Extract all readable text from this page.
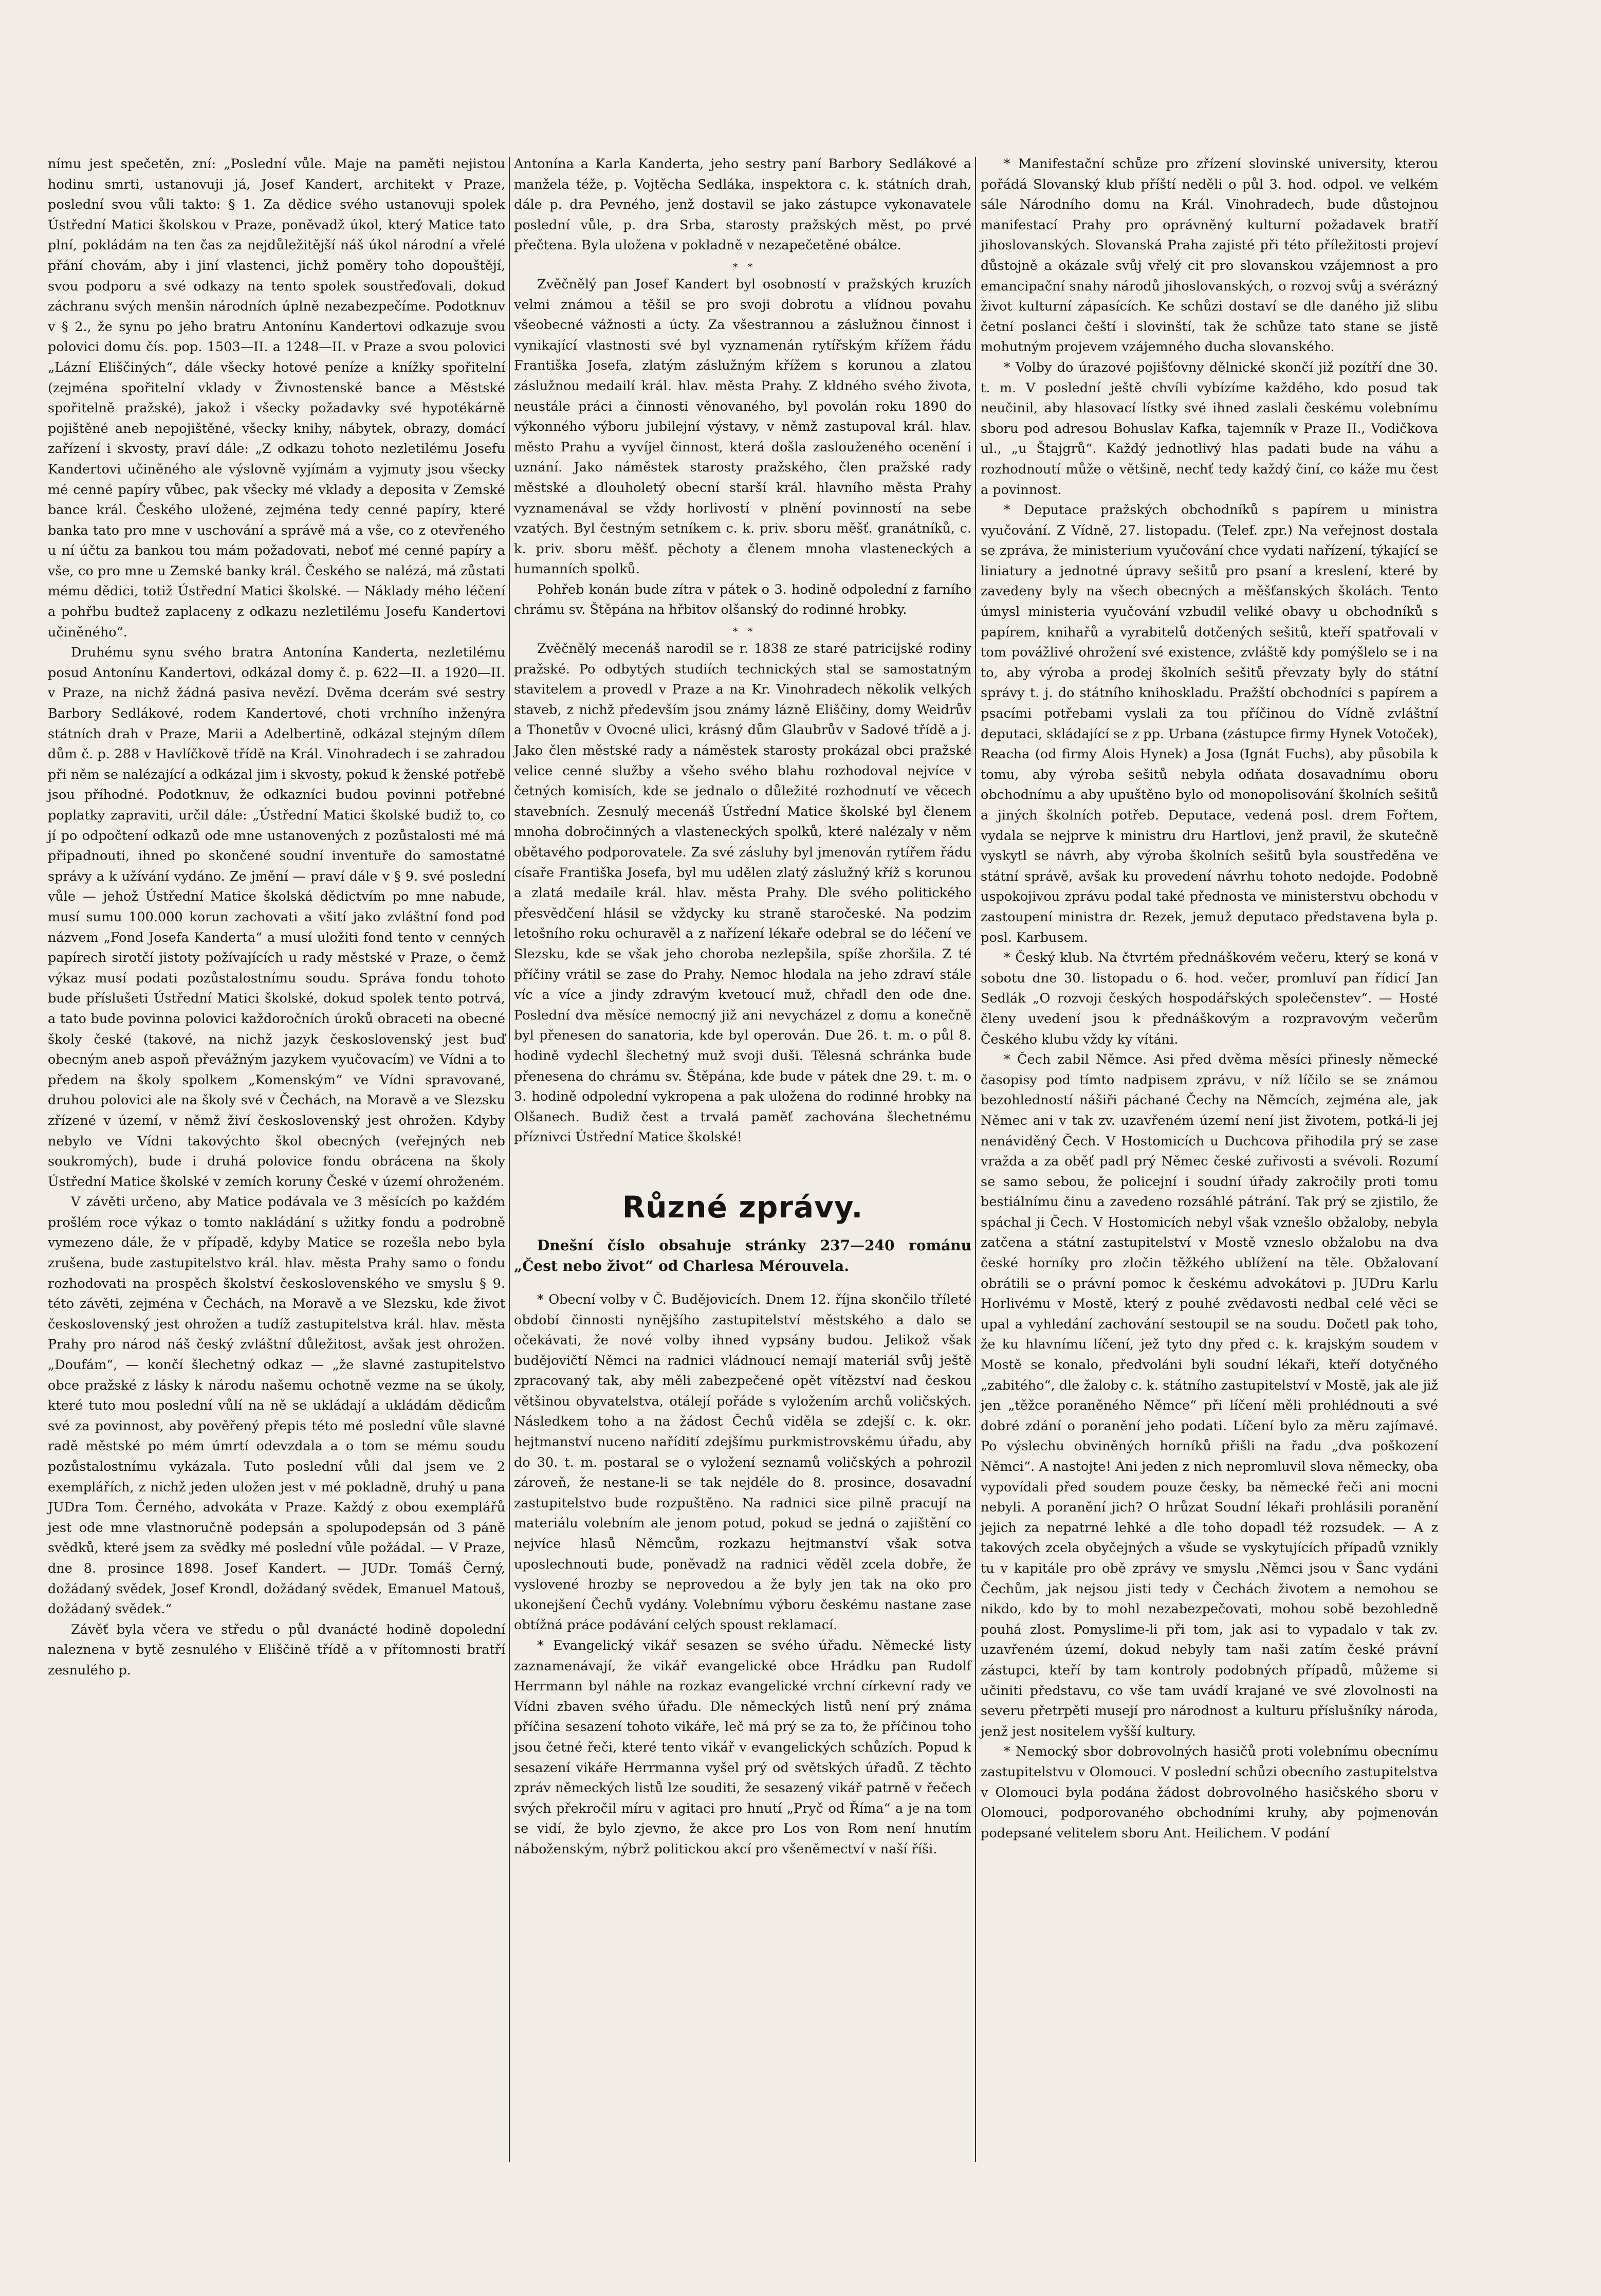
nímu jest spečetěn, zní: „Poslední vůle. Maje na paměti nejistou hodinu smrti, ustanovuji já, Josef Kandert, architekt v Praze, poslední svou vůli takto: § 1. Za dědice svého ustanovuji spolek Ústřední Matici školskou v Praze, poněvadž úkol, který Matice tato plní, pokládám na ten čas za nejdůležitější náš úkol národní a vřelé přání chovám, aby i jiní vlastenci, jichž poměry toho dopouštějí, svou podporu a své odkazy na tento spolek soustřeďovali, dokud záchranu svých menšin národních úplně nezabezpečíme. Podotknuv v § 2., že synu po jeho bratru Antonínu Kandertovi odkazuje svou polovici domu čís. pop. 1503—II. a 1248—II. v Praze a svou polovici „Lázní Eliščiných“, dále všecky hotové peníze a knížky spořitelní (zejména spořitelní vklady v Živnostenské bance a Městské spořitelně pražské), jakož i všecky požadavky své hypotékárně pojištěné aneb nepojištěné, všecky knihy, nábytek, obrazy, domácí zařízení i skvosty, praví dále: „Z odkazu tohoto nezletilému Josefu Kandertovi učiněného ale výslovně vyjímám a vyjmuty jsou všecky mé cenné papíry vůbec, pak všecky mé vklady a deposita v Zemské bance král. Českého uložené, zejména tedy cenné papíry, které banka tato pro mne v uschování a správě má a vše, co z otevřeného u ní účtu za bankou tou mám požadovati, neboť mé cenné papíry a vše, co pro mne u Zemské banky král. Českého se nalézá, má zůstati mému dědici, totiž Ústřední Matici školské. — Náklady mého léčení a pohřbu budtež zaplaceny z odkazu nezletilému Josefu Kandertovi učiněného“.

Druhému synu svého bratra Antonína Kanderta, nezletilému posud Antonínu Kandertovi, odkázal domy č. p. 622—II. a 1920—II. v Praze, na nichž žádná pasiva nevězí. Dvěma dcerám své sestry Barbory Sedlákové, rodem Kandertové, choti vrchního inženýra státních drah v Praze, Marii a Adelbertině, odkázal stejným dílem dům č. p. 288 v Havlíčkově třídě na Král. Vinohradech i se zahradou při něm se nalézající a odkázal jim i skvosty, pokud k ženské potřebě jsou příhodné. Podotknuv, že odkazníci budou povinni potřebné poplatky zapraviti, určil dále: „Ústřední Matici školské budiž to, co jí po odpočtení odkazů ode mne ustanovených z pozůstalosti mé má připadnouti, ihned po skončené soudní inventuře do samostatné správy a k užívání vydáno. Ze jmění — praví dále v § 9. své poslední vůle — jehož Ústřední Matice školská dědictvím po mne nabude, musí sumu 100.000 korun zachovati a všití jako zvláštní fond pod názvem „Fond Josefa Kanderta“ a musí uložiti fond tento v cenných papírech sirotčí jistoty požívajících u rady městské v Praze, o čemž výkaz musí podati pozůstalostnímu soudu. Správa fondu tohoto bude příslušeti Ústřední Matici školské, dokud spolek tento potrvá, a tato bude povinna polovici každoročních úroků obraceti na obecné školy české (takové, na nichž jazyk československý jest buď obecným aneb aspoň převážným jazykem vyučovacím) ve Vídni a to předem na školy spolkem „Komenským“ ve Vídni spravované, druhou polovici ale na školy své v Čechách, na Moravě a ve Slezsku zřízené v území, v němž živí československý jest ohrožen. Kdyby nebylo ve Vídni takovýchto škol obecných (veřejných neb soukromých), bude i druhá polovice fondu obrácena na školy Ústřední Matice školské v zemích koruny České v území ohroženém.

V závěti určeno, aby Matice podávala ve 3 měsících po každém prošlém roce výkaz o tomto nakládání s užitky fondu a podrobně vymezeno dále, že v případě, kdyby Matice se rozešla nebo byla zrušena, bude zastupitelstvo král. hlav. města Prahy samo o fondu rozhodovati na prospěch školství československého ve smyslu § 9. této závěti, zejména v Čechách, na Moravě a ve Slezsku, kde život československý jest ohrožen a tudíž zastupitelstva král. hlav. města Prahy pro národ náš český zvláštní důležitost, avšak jest ohrožen. „Doufám“, — končí šlechetný odkaz — „že slavné zastupitelstvo obce pražské z lásky k národu našemu ochotně vezme na se úkoly, které tuto mou poslední vůlí na ně se ukládají a ukládám dědicům své za povinnost, aby pověřený přepis této mé poslední vůle slavné radě městské po mém úmrtí odevzdala a o tom se mému soudu pozůstalostnímu vykázala. Tuto poslední vůli dal jsem ve 2 exemplářích, z nichž jeden uložen jest v mé pokladně, druhý u pana JUDra Tom. Černého, advokáta v Praze. Každý z obou exemplářů jest ode mne vlastnoručně podepsán a spolupodepsán od 3 páně svědků, které jsem za svědky mé poslední vůle požádal. — V Praze, dne 8. prosince 1898. Josef Kandert. — JUDr. Tomáš Černý, dožádaný svědek, Josef Krondl, dožádaný svědek, Emanuel Matouš, dožádaný svědek.“

Závěť byla včera ve středu o půl dvanácté hodině dopolední naleznena v bytě zesnulého v Eliščině třídě a v přítomnosti bratří zesnulého p.

Antonína a Karla Kanderta, jeho sestry paní Barbory Sedlákové a manžela téže, p. Vojtěcha Sedláka, inspektora c. k. státních drah, dále p. dra Pevného, jenž dostavil se jako zástupce vykonavatele poslední vůle, p. dra Srba, starosty pražských měst, po prvé přečtena. Byla uložena v pokladně v nezapečetěné obálce.

*   *

Zvěčnělý pan Josef Kandert byl osobností v pražských kruzích velmi známou a těšil se pro svoji dobrotu a vlídnou povahu všeobecné vážnosti a úcty. Za všestrannou a záslužnou činnost i vynikající vlastnosti své byl vyznamenán rytířským křížem řádu Františka Josefa, zlatým záslužným křížem s korunou a zlatou záslužnou medailí král. hlav. města Prahy. Z kldného svého života, neustále práci a činnosti věnovaného, byl povolán roku 1890 do výkonného výboru jubilejní výstavy, v němž zastupoval král. hlav. město Prahu a vyvíjel činnost, která došla zaslouženého ocenění i uznání. Jako náměstek starosty pražského, člen pražské rady městské a dlouholetý obecní starší král. hlavního města Prahy vyznamenával se vždy horlivostí v plnění povinností na sebe vzatých. Byl čestným setníkem c. k. priv. sboru měšť. granátníků, c. k. priv. sboru měšť. pěchoty a členem mnoha vlasteneckých a humanních spolků.

Pohřeb konán bude zítra v pátek o 3. hodině odpolední z farního chrámu sv. Štěpána na hřbitov olšanský do rodinné hrobky.

*   *

Zvěčnělý mecenáš narodil se r. 1838 ze staré patricijské rodiny pražské. Po odbytých studiích technických stal se samostatným stavitelem a provedl v Praze a na Kr. Vinohradech několik velkých staveb, z nichž především jsou známy lázně Eliščiny, domy Weidrův a Thonetův v Ovocné ulici, krásný dům Glaubrův v Sadové třídě a j. Jako člen městské rady a náměstek starosty prokázal obci pražské velice cenné služby a všeho svého blahu rozhodoval nejvíce v četných komisích, kde se jednalo o důležité rozhodnutí ve věcech stavebních. Zesnulý mecenáš Ústřední Matice školské byl členem mnoha dobročinných a vlasteneckých spolků, které nalézaly v něm obětavého podporovatele. Za své zásluhy byl jmenován rytířem řádu císaře Františka Josefa, byl mu udělen zlatý záslužný kříž s korunou a zlatá medaile král. hlav. města Prahy. Dle svého politického přesvědčení hlásil se vždycky ku straně staročeské. Na podzim letošního roku ochuravěl a z nařízení lékaře odebral se do léčení ve Slezsku, kde se však jeho choroba nezlepšila, spíše zhoršila. Z té příčiny vrátil se zase do Prahy. Nemoc hlodala na jeho zdraví stále víc a více a jindy zdravým kvetoucí muž, chřadl den ode dne. Poslední dva měsíce nemocný již ani nevycházel z domu a konečně byl přenesen do sanatoria, kde byl operován. Due 26. t. m. o půl 8. hodině vydechl šlechetný muž svoji duši. Tělesná schránka bude přenesena do chrámu sv. Štěpána, kde bude v pátek dne 29. t. m. o 3. hodině odpolední vykropena a pak uložena do rodinné hrobky na Olšanech. Budiž čest a trvalá paměť zachována šlechetnému příznivci Ústřední Matice školské!

Různé zprávy.

Dnešní číslo obsahuje stránky 237—240 románu „Čest nebo život“ od Charlesa Mérouvela.

* Obecní volby v Č. Budějovicích. Dnem 12. října skončilo tříleté období činnosti nynějšího zastupitelství městského a dalo se očekávati, že nové volby ihned vypsány budou. Jelikož však budějovičtí Němci na radnici vládnoucí nemají materiál svůj ještě zpracovaný tak, aby měli zabezpečené opět vítězství nad českou většinou obyvatelstva, otálejí pořáde s vyložením archů voličských. Následkem toho a na žádost Čechů viděla se zdejší c. k. okr. hejtmanství nuceno nařídití zdejšímu purkmistrovskému úřadu, aby do 30. t. m. postaral se o vyložení seznamů voličských a pohrozil zároveň, že nestane-li se tak nejdéle do 8. prosince, dosavadní zastupitelstvo bude rozpuštěno. Na radnici sice pilně pracují na materiálu volebním ale jenom potud, pokud se jedná o zajištění co nejvíce hlasů Němcům, rozkazu hejtmanství však sotva uposlechnouti bude, poněvadž na radnici věděl zcela dobře, že vyslovené hrozby se neprovedou a že byly jen tak na oko pro ukonejšení Čechů vydány. Volebnímu výboru českému nastane zase obtížná práce podávání celých spoust reklamací.

* Evangelický vikář sesazen se svého úřadu. Německé listy zaznamenávají, že vikář evangelické obce Hrádku pan Rudolf Herrmann byl náhle na rozkaz evangelické vrchní církevní rady ve Vídni zbaven svého úřadu. Dle německých listů není prý známa příčina sesazení tohoto vikáře, leč má prý se za to, že příčinou toho jsou četné řeči, které tento vikář v evangelických schůzích. Popud k sesazení vikáře Herrmanna vyšel prý od světských úřadů. Z těchto zpráv německých listů lze souditi, že sesazený vikář patrně v řečech svých překročil míru v agitaci pro hnutí „Pryč od Říma“ a je na tom se vidí, že bylo zjevno, že akce pro Los von Rom není hnutím náboženským, nýbrž politickou akcí pro všeněmectví v naší říši.

* Manifestační schůze pro zřízení slovinské university, kterou pořádá Slovanský klub příští neděli o půl 3. hod. odpol. ve velkém sále Národního domu na Král. Vinohradech, bude důstojnou manifestací Prahy pro oprávněný kulturní požadavek bratří jihoslovanských. Slovanská Praha zajisté při této příležitosti projeví důstojně a okázale svůj vřelý cit pro slovanskou vzájemnost a pro emancipační snahy národů jihoslovanských, o rozvoj svůj a svérázný život kulturní zápasících. Ke schůzi dostaví se dle daného již slibu četní poslanci čeští i slovinští, tak že schůze tato stane se jistě mohutným projevem vzájemného ducha slovanského.

* Volby do úrazové pojišťovny dělnické skončí již pozítří dne 30. t. m. V poslední ještě chvíli vybízíme každého, kdo posud tak neučinil, aby hlasovací lístky své ihned zaslali českému volebnímu sboru pod adresou Bohuslav Kafka, tajemník v Praze II., Vodičkova ul., „u Štajgrů“. Každý jednotlivý hlas padati bude na váhu a rozhodnoutí může o většině, nechť tedy každý činí, co káže mu čest a povinnost.

* Deputace pražských obchodníků s papírem u ministra vyučování. Z Vídně, 27. listopadu. (Telef. zpr.) Na veřejnost dostala se zpráva, že ministerium vyučování chce vydati nařízení, týkající se liniatury a jednotné úpravy sešitů pro psaní a kreslení, které by zavedeny byly na všech obecných a měšťanských školách. Tento úmysl ministeria vyučování vzbudil veliké obavy u obchodníků s papírem, knihařů a vyrabitelů dotčených sešitů, kteří spatřovali v tom povážlivé ohrožení své existence, zvláště kdy pomýšlelo se i na to, aby výroba a prodej školních sešitů převzaty byly do státní správy t. j. do státního knihoskladu. Pražští obchodníci s papírem a psacími potřebami vyslali za tou příčinou do Vídně zvláštní deputaci, skládající se z pp. Urbana (zástupce firmy Hynek Votoček), Reacha (od firmy Alois Hynek) a Josa (Ignát Fuchs), aby působila k tomu, aby výroba sešitů nebyla odňata dosavadnímu oboru obchodnímu a aby upuštěno bylo od monopolisování školních sešitů a jiných školních potřeb. Deputace, vedená posl. drem Fořtem, vydala se nejprve k ministru dru Hartlovi, jenž pravil, že skutečně vyskytl se návrh, aby výroba školních sešitů byla soustředěna ve státní správě, avšak ku provedení návrhu tohoto nedojde. Podobně uspokojivou zprávu podal také přednosta ve ministerstvu obchodu v zastoupení ministra dr. Rezek, jemuž deputaco představena byla p. posl. Karbusem.

* Český klub. Na čtvrtém přednáškovém večeru, který se koná v sobotu dne 30. listopadu o 6. hod. večer, promluví pan řídicí Jan Sedlák „O rozvoji českých hospodářských společenstev“. — Hosté členy uvedení jsou k přednáškovým a rozpravovým večerům Českého klubu vždy ky vítáni.

* Čech zabil Němce. Asi před dvěma měsíci přinesly německé časopisy pod tímto nadpisem zprávu, v níž líčilo se se známou bezohledností nášiři páchané Čechy na Němcích, zejména ale, jak Němec ani v tak zv. uzavřeném území není jist životem, potká-li jej nenáviděný Čech. V Hostomicích u Duchcova přihodila prý se zase vražda a za oběť padl prý Němec české zuřivosti a svévoli. Rozumí se samo sebou, že policejní i soudní úřady zakročily proti tomu bestiálnímu činu a zavedeno rozsáhlé pátrání. Tak prý se zjistilo, že spáchal ji Čech. V Hostomicích nebyl však vznešlo obžaloby, nebyla zatčena a státní zastupitelství v Mostě vzneslo obžalobu na dva české horníky pro zločin těžkého ublížení na těle. Obžalovaní obrátili se o právní pomoc k českému advokátovi p. JUDru Karlu Horlivému v Mostě, který z pouhé zvědavosti nedbal celé věci se upal a vyhledání zachování sestoupil se na soudu. Dočetl pak toho, že ku hlavnímu líčení, jež tyto dny před c. k. krajským soudem v Mostě se konalo, předvoláni byli soudní lékaři, kteří dotyčného „zabitého“, dle žaloby c. k. státního zastupitelství v Mostě, jak ale již jen „těžce poraněného Němce“ při líčení měli prohlédnouti a své dobré zdání o poranění jeho podati. Líčení bylo za měru zajímavé. Po výslechu obviněných horníků přišli na řadu „dva poškození Němci“. A nastojte! Ani jeden z nich nepromluvil slova německy, oba vypovídali před soudem pouze česky, ba německé řeči ani mocni nebyli. A poranění jich? O hrůzat Soudní lékaři prohlásili poranění jejich za nepatrné lehké a dle toho dopadl též rozsudek. — A z takových zcela obyčejných a všude se vyskytujících případů vznikly tu v kapitále pro obě zprávy ve smyslu ‚Němci jsou v Šanc vydáni Čechům, jak nejsou jisti tedy v Čechách životem a nemohou se nikdo, kdo by to mohl nezabezpečovati, mohou sobě bezohledně pouhá zlost. Pomyslime-li při tom, jak asi to vypadalo v tak zv. uzavřeném území, dokud nebyly tam naši zatím české právní zástupci, kteří by tam kontroly podobných případů, můžeme si učiniti představu, co vše tam uvádí krajané ve své zlovolnosti na severu přetrpěti musejí pro národnost a kulturu příslušníky národa, jenž jest nositelem vyšší kultury.

* Nemocký sbor dobrovolných hasičů proti volebnímu obecnímu zastupitelstvu v Olomouci. V poslední schůzi obecního zastupitelstva v Olomouci byla podána žádost dobrovolného hasičského sboru v Olomouci, podporovaného obchodními kruhy, aby pojmenován podepsané velitelem sboru Ant. Heilichem. V podání
